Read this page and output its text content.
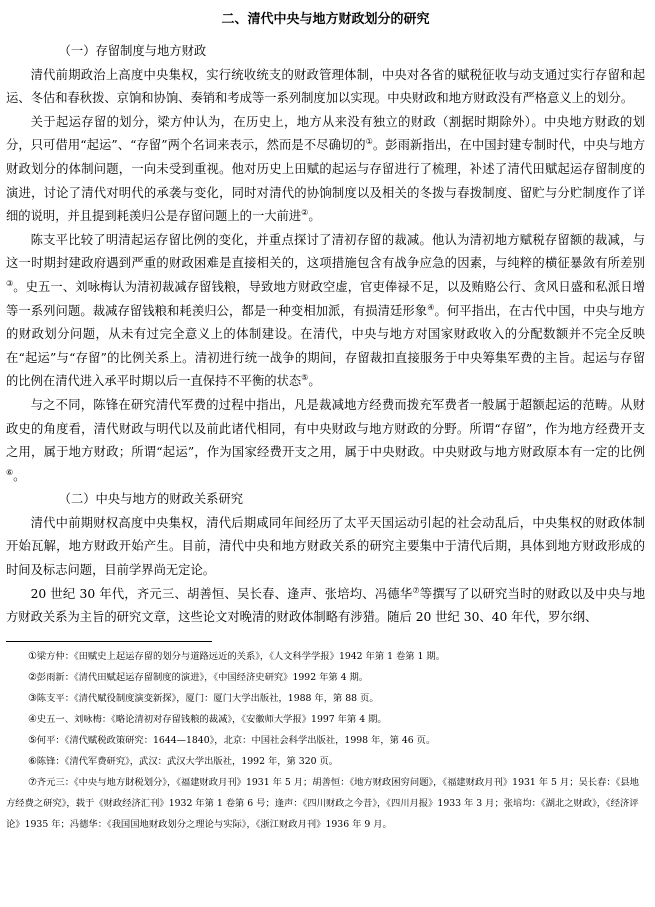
二、清代中央与地方财政划分的研究

（一）存留制度与地方财政

清代前期政治上高度中央集权，实行统收统支的财政管理体制，中央对各省的赋税征收与动支通过实行存留和起运、冬估和春秋拨、京饷和协饷、奏销和考成等一系列制度加以实现。中央财政和地方财政没有严格意义上的划分。

关于起运存留的划分，梁方仲认为，在历史上，地方从来没有独立的财政（割据时期除外）。中央地方财政的划分，只可借用“起运”、“存留”两个名词来表示，然而是不尽确切的①。彭雨新指出，在中国封建专制时代，中央与地方财政划分的体制问题，一向未受到重视。他对历史上田赋的起运与存留进行了梳理，补述了清代田赋起运存留制度的演进，讨论了清代对明代的承袭与变化，同时对清代的协饷制度以及相关的冬拨与春拨制度、留贮与分贮制度作了详细的说明，并且提到耗羡归公是存留问题上的一大前进②。

陈支平比较了明清起运存留比例的变化，并重点探讨了清初存留的裁减。他认为清初地方赋税存留额的裁减，与这一时期封建政府遇到严重的财政困难是直接相关的，这项措施包含有战争应急的因素，与纯粹的横征暴敛有所差别③。史五一、刘咏梅认为清初裁减存留钱粮，导致地方财政空虚，官吏俸禄不足，以及贿赂公行、贪风日盛和私派日增等一系列问题。裁减存留钱粮和耗羡归公，都是一种变相加派，有损清廷形象④。何平指出，在古代中国，中央与地方的财政划分问题，从未有过完全意义上的体制建设。在清代，中央与地方对国家财政收入的分配数额并不完全反映在“起运”与“存留”的比例关系上。清初进行统一战争的期间，存留裁扣直接服务于中央筹集军费的主旨。起运与存留的比例在清代进入承平时期以后一直保持不平衡的状态⑤。

与之不同，陈锋在研究清代军费的过程中指出，凡是裁减地方经费而拨充军费者一般属于超额起运的范畴。从财政史的角度看，清代财政与明代以及前此诸代相同，有中央财政与地方财政的分野。所谓“存留”，作为地方经费开支之用，属于地方财政；所谓“起运”，作为国家经费开支之用，属于中央财政。中央财政与地方财政原本有一定的比例⑥。

（二）中央与地方的财政关系研究

清代中前期财权高度中央集权，清代后期咸同年间经历了太平天国运动引起的社会动乱后，中央集权的财政体制开始瓦解，地方财政开始产生。目前，清代中央和地方财政关系的研究主要集中于清代后期，具体到地方财政形成的时间及标志问题，目前学界尚无定论。

20 世纪 30 年代，齐元三、胡善恒、吴长春、逢声、张培均、冯德华⑦等撰写了以研究当时的财政以及中央与地方财政关系为主旨的研究文章，这些论文对晚清的财政体制略有涉猎。随后 20 世纪 30、40 年代，罗尔纲、

①梁方仲：《田赋史上起运存留的划分与道路远近的关系》，《人文科学学报》1942 年第 1 卷第 1 期。

②彭雨新：《清代田赋起运存留制度的演进》，《中国经济史研究》1992 年第 4 期。

③陈支平：《清代赋役制度演变新探》，厦门：厦门大学出版社，1988 年，第 88 页。

④史五一、刘咏梅：《略论清初对存留钱粮的裁减》，《安徽师大学报》1997 年第 4 期。

⑤何平：《清代赋税政策研究：1644—1840》，北京：中国社会科学出版社，1998 年，第 46 页。

⑥陈锋：《清代军费研究》，武汉：武汉大学出版社，1992 年，第 320 页。

⑦齐元三：《中央与地方財税划分》，《福建财政月刊》1931 年 5 月；胡善恒：《地方财政困穷问题》，《福建财政月刊》1931 年 5 月；吴长春：《县地方经费之研究》，载于《财政经济汇刊》1932 年第 1 卷第 6 号；逢声：《四川财政之今昔》，《四川月报》1933 年 3 月；张培均：《湖北之财政》，《经济评论》1935 年；冯德华：《我国国地财政划分之理论与实际》，《浙江财政月刊》1936 年 9 月。
